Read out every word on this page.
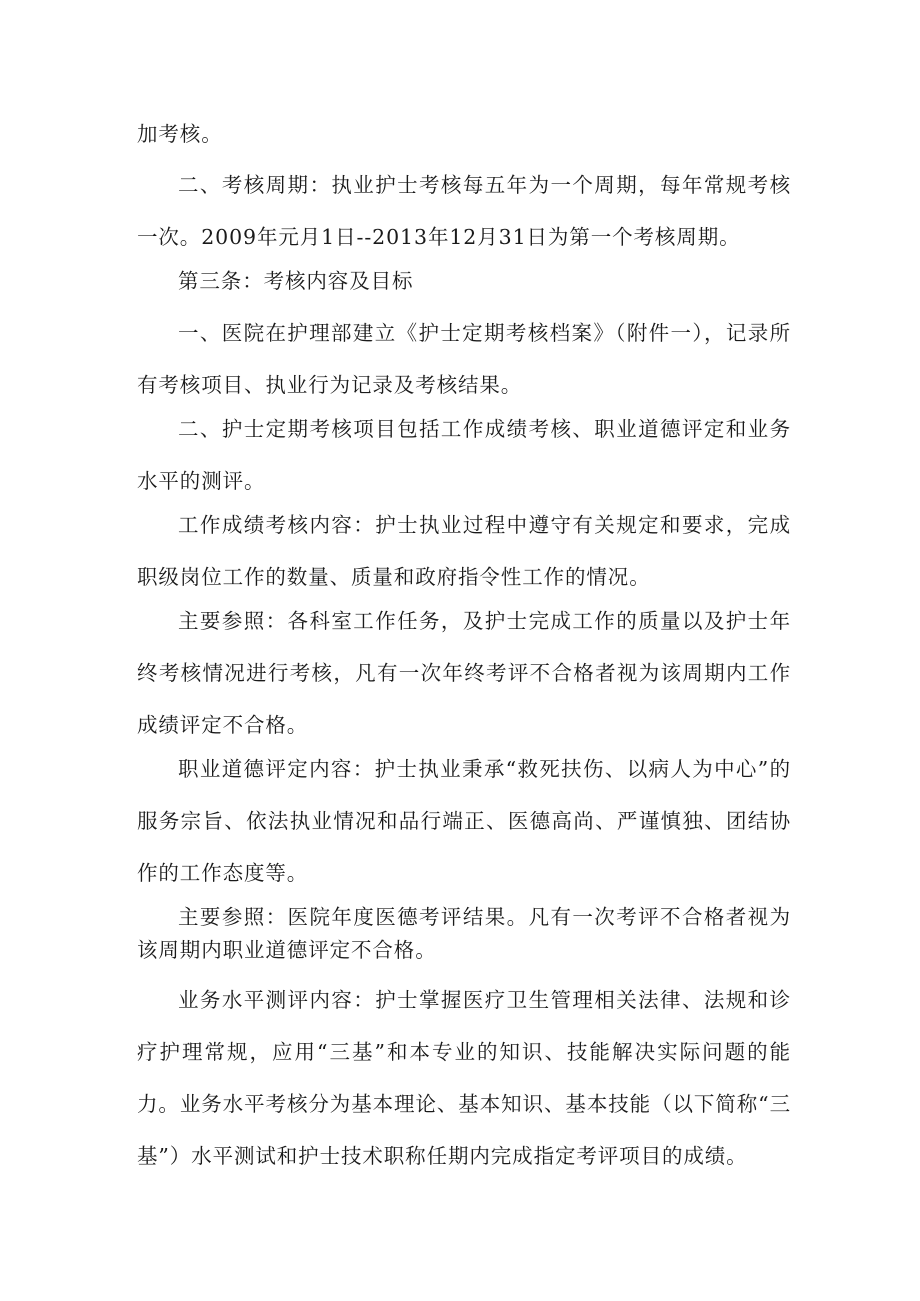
加考核。

二、考核周期：执业护士考核每五年为一个周期，每年常规考核一次。2009年元月1日--2013年12月31日为第一个考核周期。

第三条：考核内容及目标

一、医院在护理部建立《护士定期考核档案》（附件一），记录所有考核项目、执业行为记录及考核结果。

二、护士定期考核项目包括工作成绩考核、职业道德评定和业务水平的测评。

工作成绩考核内容：护士执业过程中遵守有关规定和要求，完成职级岗位工作的数量、质量和政府指令性工作的情况。

主要参照：各科室工作任务，及护士完成工作的质量以及护士年终考核情况进行考核，凡有一次年终考评不合格者视为该周期内工作成绩评定不合格。

职业道德评定内容：护士执业秉承“救死扶伤、以病人为中心”的服务宗旨、依法执业情况和品行端正、医德高尚、严谨慎独、团结协作的工作态度等。

主要参照：医院年度医德考评结果。凡有一次考评不合格者视为该周期内职业道德评定不合格。

业务水平测评内容：护士掌握医疗卫生管理相关法律、法规和诊疗护理常规，应用“三基”和本专业的知识、技能解决实际问题的能力。业务水平考核分为基本理论、基本知识、基本技能（以下简称“三基”）水平测试和护士技术职称任期内完成指定考评项目的成绩。
